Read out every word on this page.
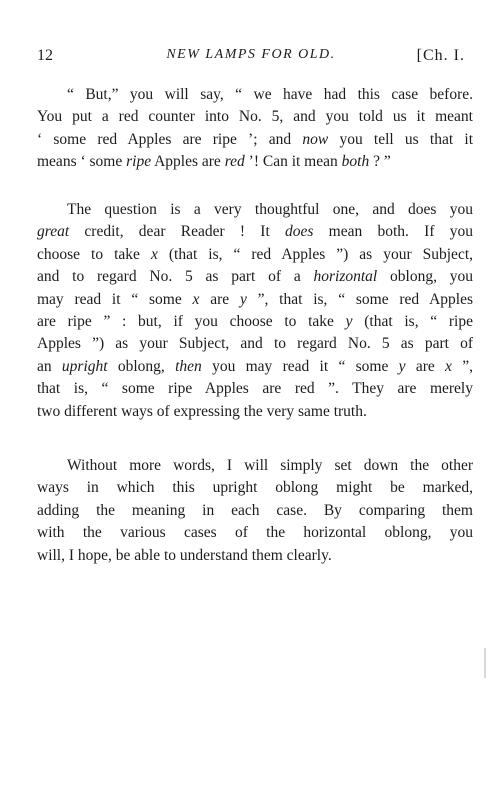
12	NEW LAMPS FOR OLD.	[Ch. I.
“ But,” you will say, “ we have had this case before.
You put a red counter into No. 5, and you told us it meant
‘ some red Apples are ripe ’; and now you tell us that it
means ‘ some ripe Apples are red ’! Can it mean both ? ”
The question is a very thoughtful one, and does you
great credit, dear Reader ! It does mean both. If you
choose to take x (that is, “ red Apples ”) as your Subject,
and to regard No. 5 as part of a horizontal oblong, you
may read it “ some x are y ”, that is, “ some red Apples
are ripe ” : but, if you choose to take y (that is, “ ripe
Apples ”) as your Subject, and to regard No. 5 as part of
an upright oblong, then you may read it “ some y are x ”,
that is, “ some ripe Apples are red ”. They are merely
two different ways of expressing the very same truth.
Without more words, I will simply set down the other
ways in which this upright oblong might be marked,
adding the meaning in each case. By comparing them
with the various cases of the horizontal oblong, you
will, I hope, be able to understand them clearly.
